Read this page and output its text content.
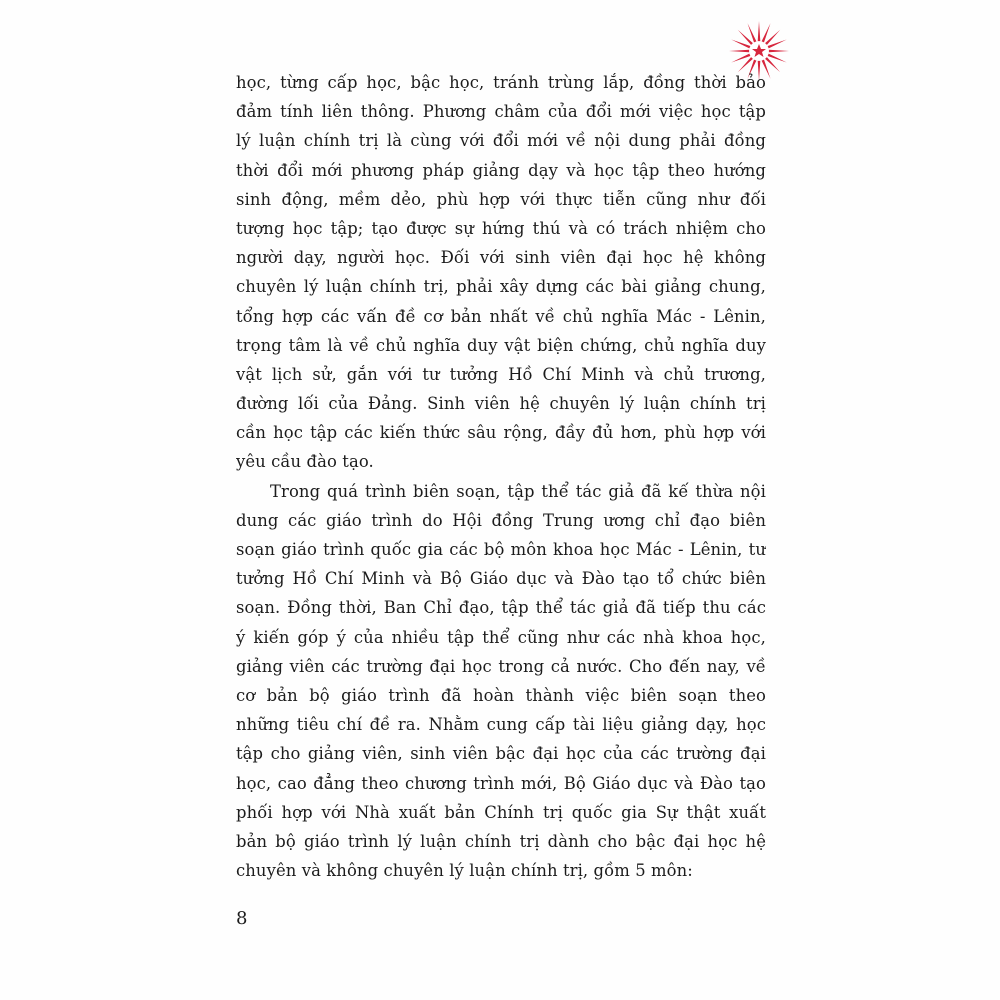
học, từng cấp học, bậc học, tránh trùng lắp, đồng thời bảo
đảm tính liên thông. Phương châm của đổi mới việc học tập
lý luận chính trị là cùng với đổi mới về nội dung phải đồng
thời đổi mới phương pháp giảng dạy và học tập theo hướng
sinh động, mềm dẻo, phù hợp với thực tiễn cũng như đối
tượng học tập; tạo được sự hứng thú và có trách nhiệm cho
người dạy, người học. Đối với sinh viên đại học hệ không
chuyên lý luận chính trị, phải xây dựng các bài giảng chung,
tổng hợp các vấn đề cơ bản nhất về chủ nghĩa Mác - Lênin,
trọng tâm là về chủ nghĩa duy vật biện chứng, chủ nghĩa duy
vật lịch sử, gắn với tư tưởng Hồ Chí Minh và chủ trương,
đường lối của Đảng. Sinh viên hệ chuyên lý luận chính trị
cần học tập các kiến thức sâu rộng, đầy đủ hơn, phù hợp với
yêu cầu đào tạo.
Trong quá trình biên soạn, tập thể tác giả đã kế thừa nội
dung các giáo trình do Hội đồng Trung ương chỉ đạo biên
soạn giáo trình quốc gia các bộ môn khoa học Mác - Lênin, tư
tưởng Hồ Chí Minh và Bộ Giáo dục và Đào tạo tổ chức biên
soạn. Đồng thời, Ban Chỉ đạo, tập thể tác giả đã tiếp thu các
ý kiến góp ý của nhiều tập thể cũng như các nhà khoa học,
giảng viên các trường đại học trong cả nước. Cho đến nay, về
cơ bản bộ giáo trình đã hoàn thành việc biên soạn theo
những tiêu chí đề ra. Nhằm cung cấp tài liệu giảng dạy, học
tập cho giảng viên, sinh viên bậc đại học của các trường đại
học, cao đẳng theo chương trình mới, Bộ Giáo dục và Đào tạo
phối hợp với Nhà xuất bản Chính trị quốc gia Sự thật xuất
bản bộ giáo trình lý luận chính trị dành cho bậc đại học hệ
chuyên và không chuyên lý luận chính trị, gồm 5 môn:
8
